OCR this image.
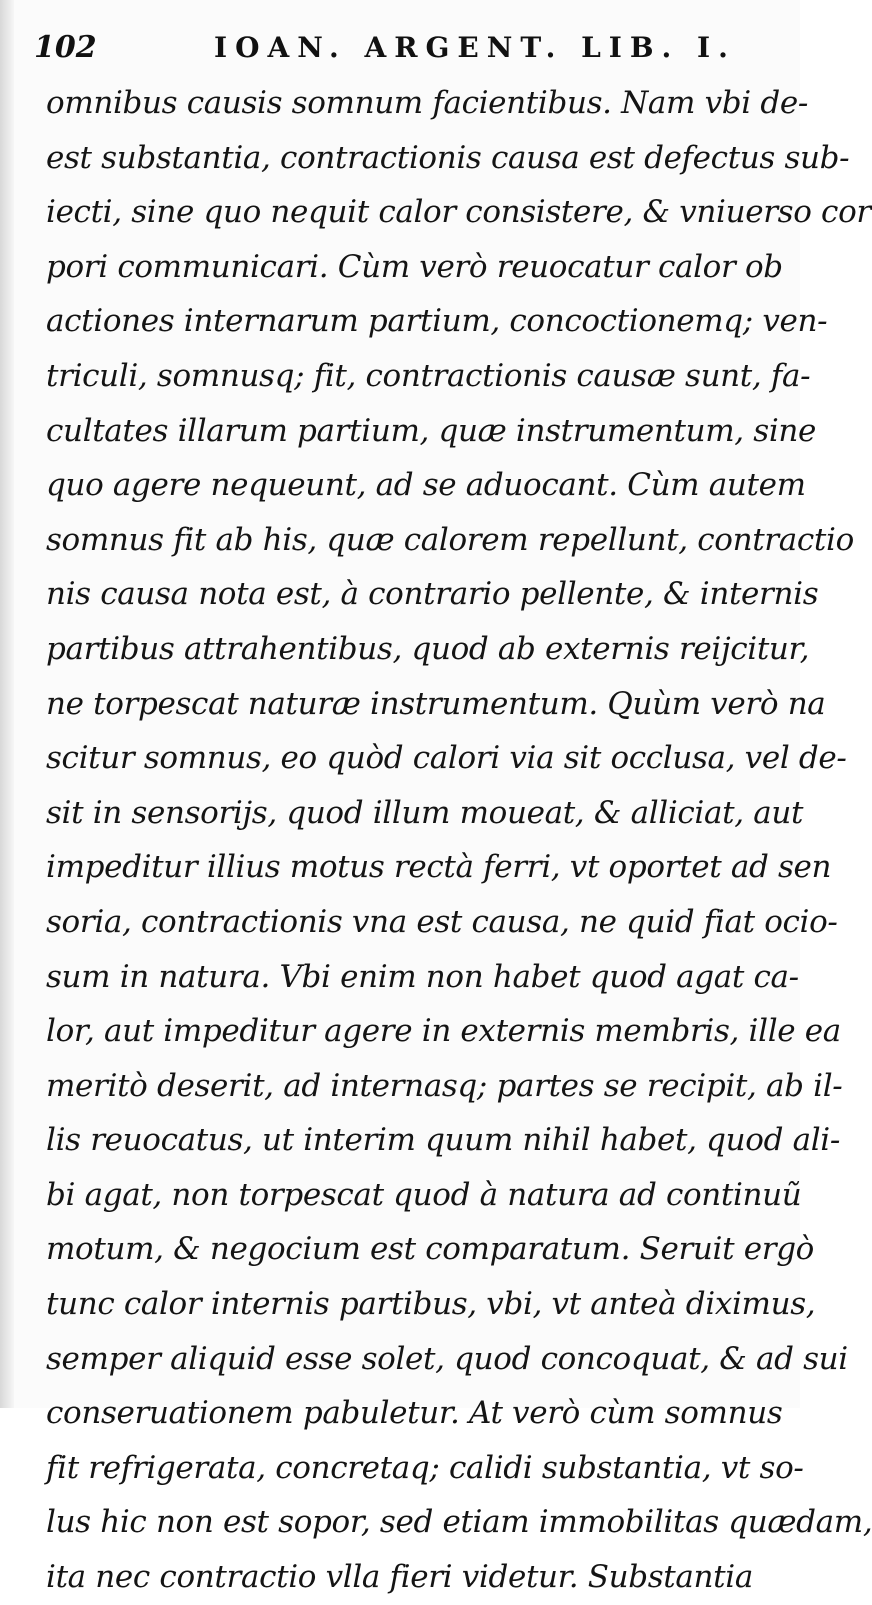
102	IOAN. ARGENT. LIB. I.
omnibus causis somnum facientibus. Nam vbi de-
est substantia, contractionis causa est defectus sub-
iecti, sine quo nequit calor consistere, & vniuerso cor
pori communicari. Cùm verò reuocatur calor ob
actiones internarum partium, concoctionemq; ven-
triculi, somnusq; fit, contractionis causæ sunt, fa-
cultates illarum partium, quæ instrumentum, sine
quo agere nequeunt, ad se aduocant. Cùm autem
somnus fit ab his, quæ calorem repellunt, contractio
nis causa nota est, à contrario pellente, & internis
partibus attrahentibus, quod ab externis reijcitur,
ne torpescat naturæ instrumentum. Quùm verò na
scitur somnus, eo quòd calori via sit occlusa, vel de-
sit in sensorijs, quod illum moueat, & alliciat, aut
impeditur illius motus rectà ferri, vt oportet ad sen
soria, contractionis vna est causa, ne quid fiat ocio-
sum in natura. Vbi enim non habet quod agat ca-
lor, aut impeditur agere in externis membris, ille ea
meritò deserit, ad internasq; partes se recipit, ab il-
lis reuocatus, ut interim quum nihil habet, quod ali-
bi agat, non torpescat quod à natura ad continuũ
motum, & negocium est comparatum. Seruit ergò
tunc calor internis partibus, vbi, vt anteà diximus,
semper aliquid esse solet, quod concoquat, & ad sui
conseruationem pabuletur. At verò cùm somnus
fit refrigerata, concretaq; calidi substantia, vt so-
lus hic non est sopor, sed etiam immobilitas quædam,
ita nec contractio vlla fieri videtur. Substantia
